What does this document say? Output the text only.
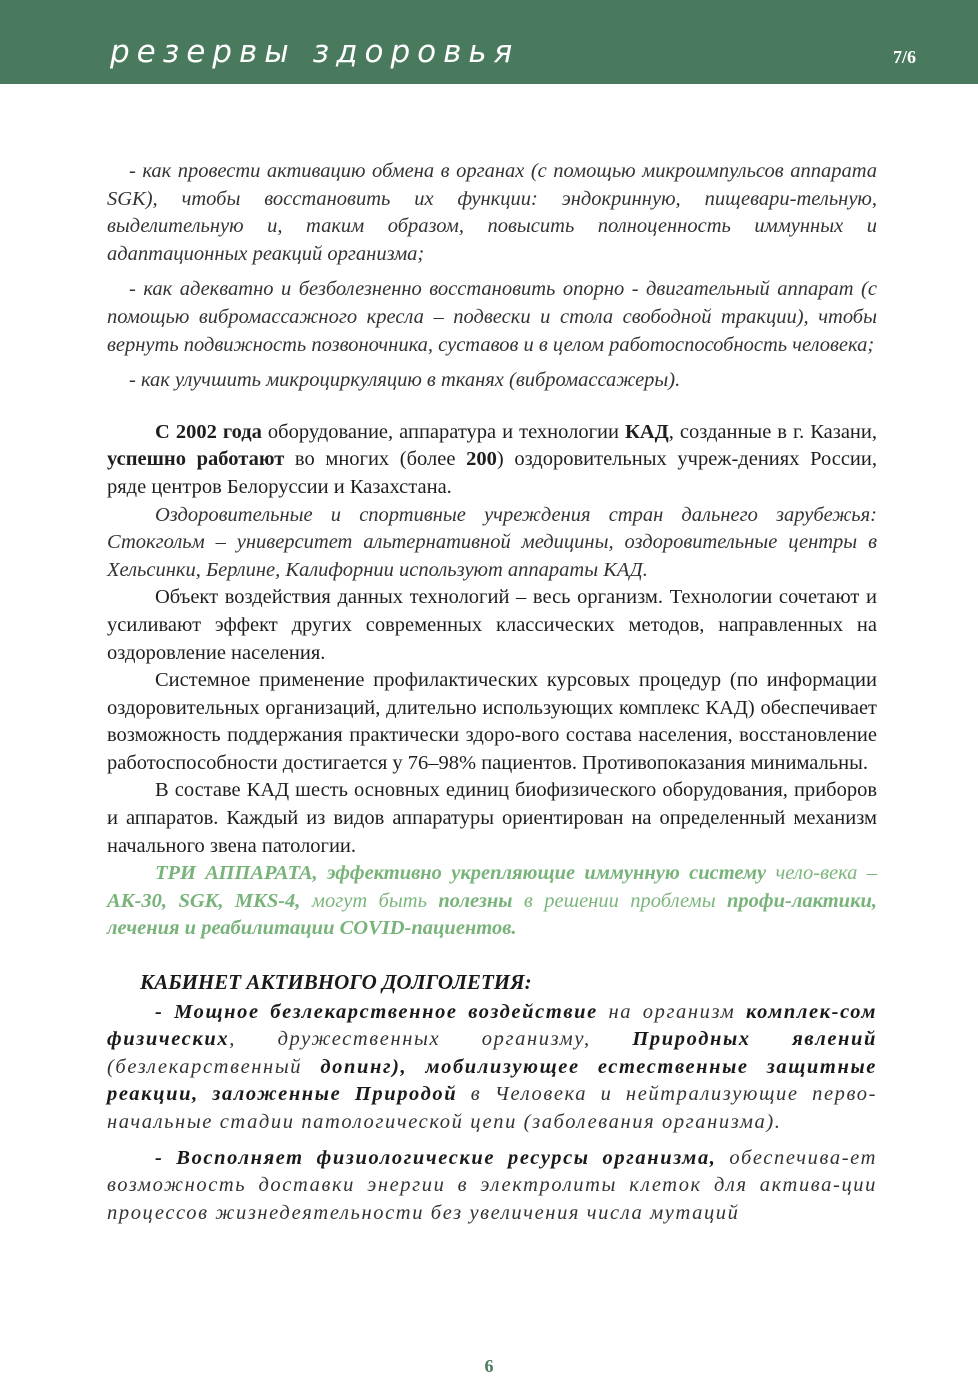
резервы здоровья	7/6

- как провести активацию обмена в органах (с помощью микроимпульсов аппарата SGK), чтобы восстановить их функции: эндокринную, пищевари-тельную, выделительную и, таким образом, повысить полноценность иммунных и адаптационных реакций организма;

- как адекватно и безболезненно восстановить опорно - двигательный аппарат (с помощью вибромассажного кресла – подвески и стола свободной тракции), чтобы вернуть подвижность позвоночника, суставов и в целом работоспособность человека;

- как улучшить микроциркуляцию в тканях (вибромассажеры).

С 2002 года оборудование, аппаратура и технологии КАД, созданные в г. Казани, успешно работают во многих (более 200) оздоровительных учреж-дениях России, ряде центров Белоруссии и Казахстана.

Оздоровительные и спортивные учреждения стран дальнего зарубежья: Стокгольм – университет альтернативной медицины, оздоровительные центры в Хельсинки, Берлине, Калифорнии используют аппараты КАД.

Объект воздействия данных технологий – весь организм. Технологии сочетают и усиливают эффект других современных классических методов, направленных на оздоровление населения.

Системное применение профилактических курсовых процедур (по информации оздоровительных организаций, длительно использующих комплекс КАД) обеспечивает возможность поддержания практически здоро-вого состава населения, восстановление работоспособности достигается у 76–98% пациентов. Противопоказания минимальны.

В составе КАД шесть основных единиц биофизического оборудования, приборов и аппаратов. Каждый из видов аппаратуры ориентирован на определенный механизм начального звена патологии.

ТРИ АППАРАТА, эффективно укрепляющие иммунную систему чело-века – АК-30, SGK, MKS-4, могут быть полезны в решении проблемы профи-лактики, лечения и реабилитации COVID-пациентов.

КАБИНЕТ АКТИВНОГО ДОЛГОЛЕТИЯ:

- Мощное безлекарственное воздействие на организм комплек-сом физических, дружественных организму, Природных явлений (безлекарственный допинг), мобилизующее естественные защитные реакции, заложенные Природой в Человека и нейтрализующие перво-начальные стадии патологической цепи (заболевания организма).

- Восполняет физиологические ресурсы организма, обеспечива-ет возможность доставки энергии в электролиты клеток для актива-ции процессов жизнедеятельности без увеличения числа мутаций

6
